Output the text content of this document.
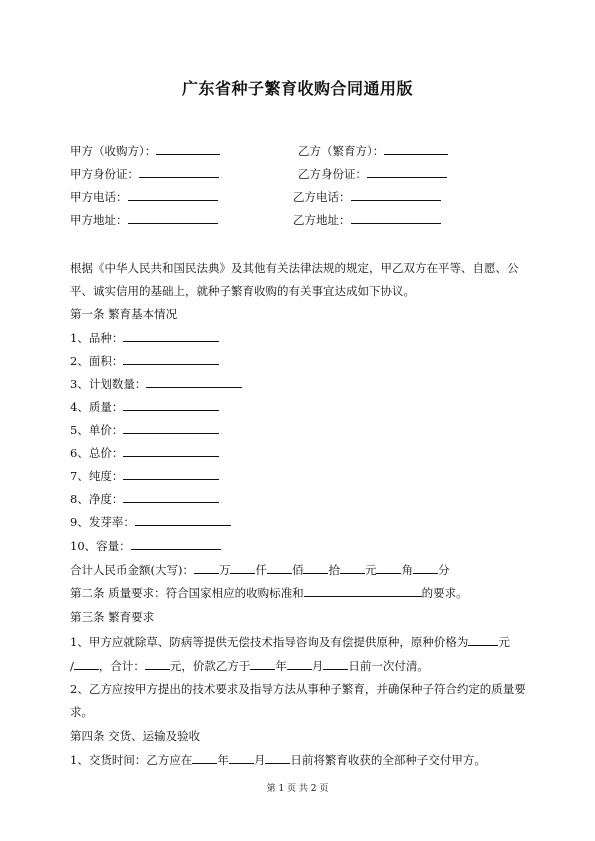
广东省种子繁育收购合同通用版
甲方（收购方）：	乙方（繁育方）：
甲方身份证：	乙方身份证：
甲方电话：	乙方电话：
甲方地址：	乙方地址：
根据《中华人民共和国民法典》及其他有关法律法规的规定，甲乙双方在平等、自愿、公平、诚实信用的基础上，就种子繁育收购的有关事宜达成如下协议。
第一条 繁育基本情况
1、品种：
2、面积：
3、计划数量：
4、质量：
5、单价：
6、总价：
7、纯度：
8、净度：
9、发芽率：
10、容量：
合计人民币金额(大写)： 万 仟 佰 拾 元 角 分
第二条 质量要求：符合国家相应的收购标准和	的要求。
第三条 繁育要求
1、甲方应就除草、防病等提供无偿技术指导咨询及有偿提供原种，原种价格为	元
/ ，合计： 元，价款乙方于 年 月 日前一次付清。
2、乙方应按甲方提出的技术要求及指导方法从事种子繁育，并确保种子符合约定的质量要求。
第四条 交货、运输及验收
1、交货时间：乙方应在 年 月 日前将繁育收获的全部种子交付甲方。
第 1 页 共 2 页
